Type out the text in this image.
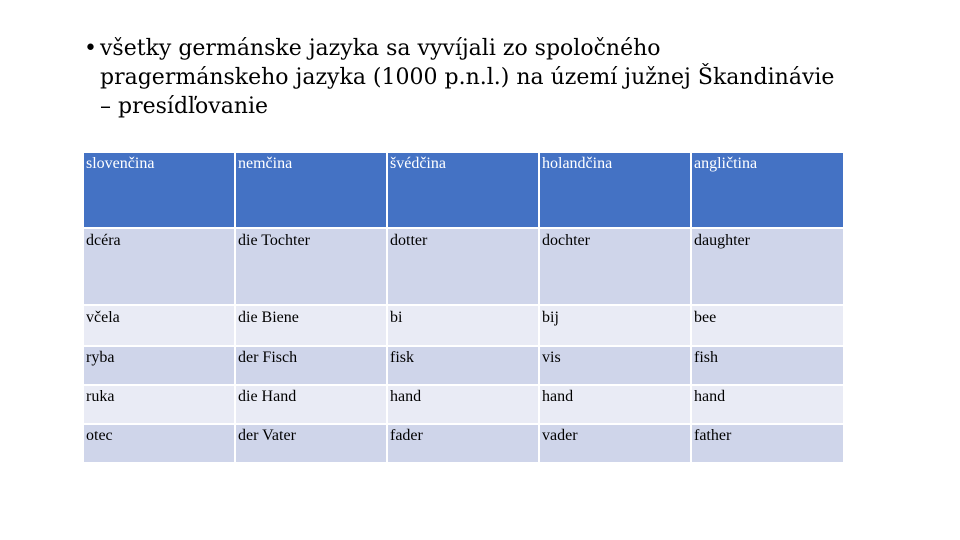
• všetky germánske jazyka sa vyvíjali zo spoločného
pragermánskeho jazyka (1000 p.n.l.) na území južnej Škandinávie
– presídľovanie
slovenčina	nemčina	švédčina	holandčina	angličtina
dcéra	die Tochter	dotter	dochter	daughter
včela	die Biene	bi	bij	bee
ryba	der Fisch	fisk	vis	fish
ruka	die Hand	hand	hand	hand
otec	der Vater	fader	vader	father
